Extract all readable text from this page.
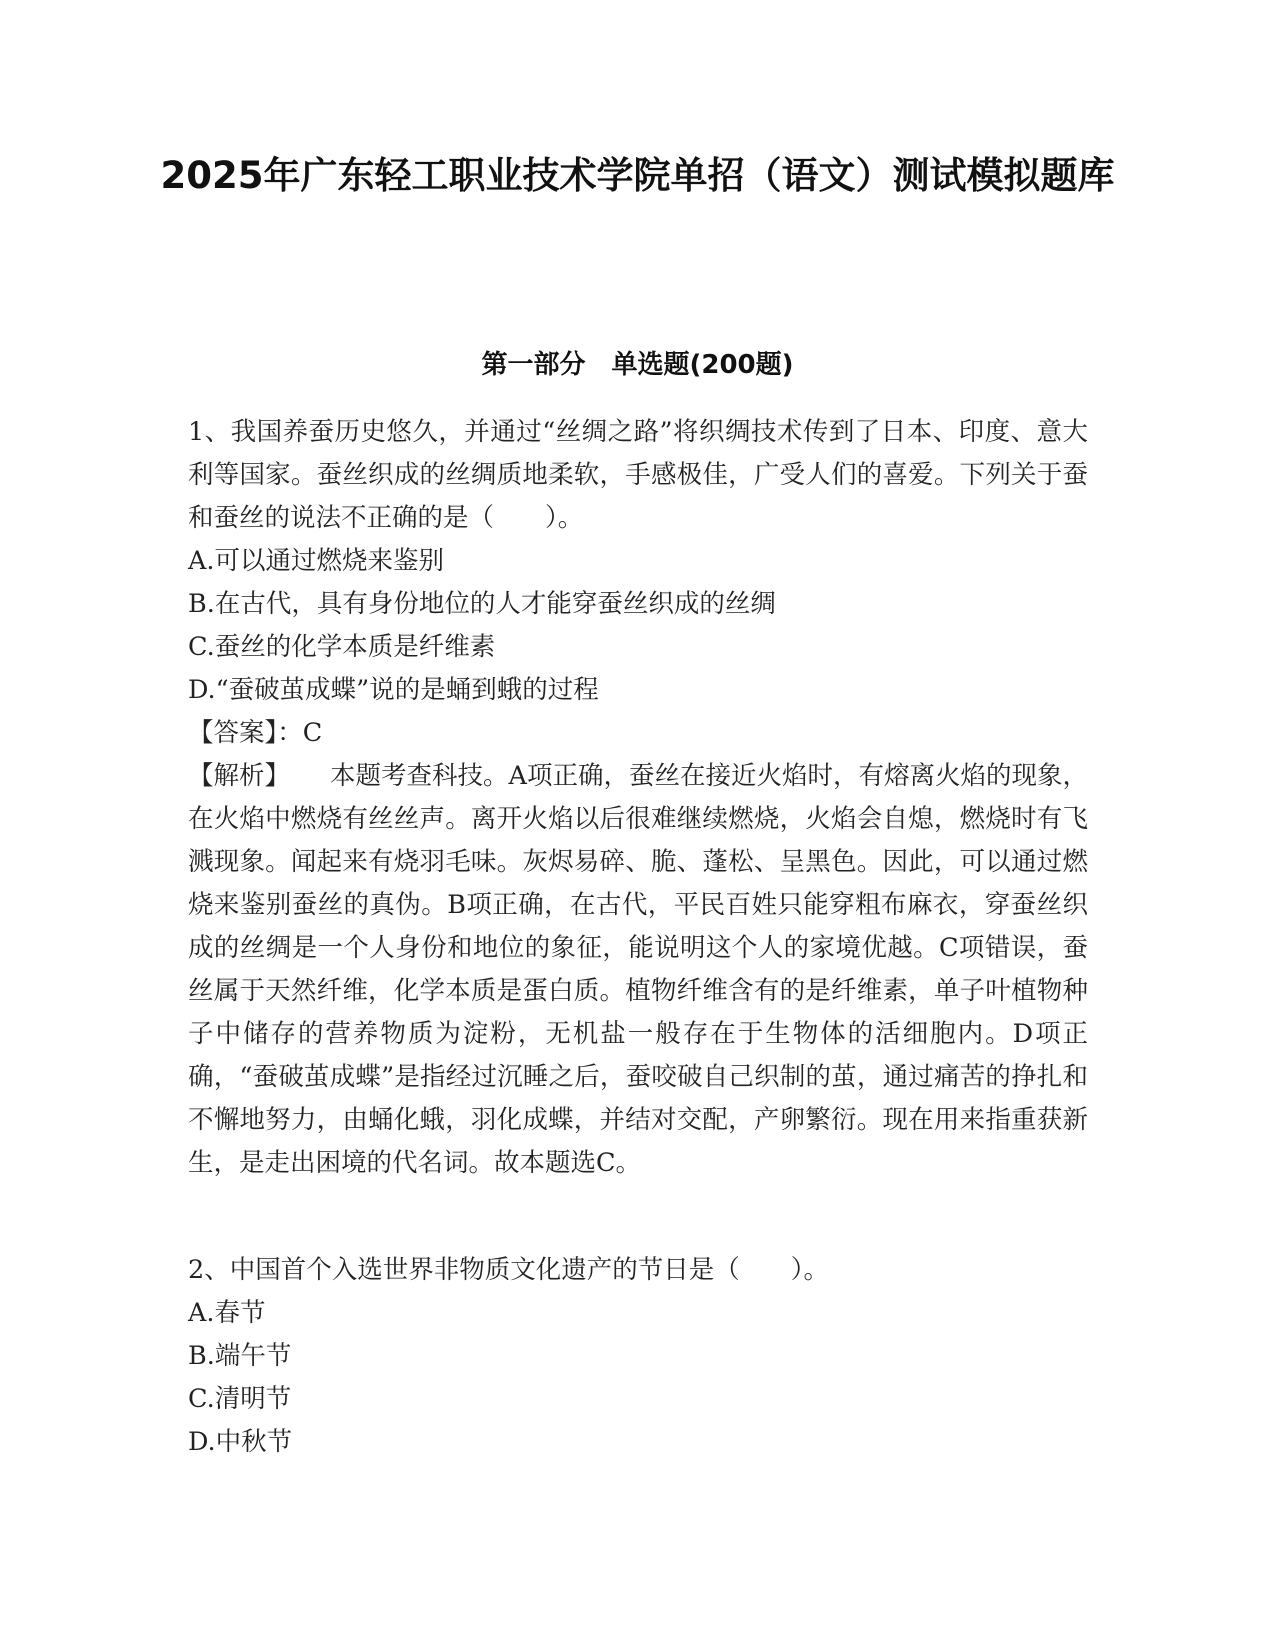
2025年广东轻工职业技术学院单招（语文）测试模拟题库
第一部分　单选题(200题)

1、我国养蚕历史悠久，并通过“丝绸之路”将织绸技术传到了日本、印度、意大利等国家。蚕丝织成的丝绸质地柔软，手感极佳，广受人们的喜爱。下列关于蚕和蚕丝的说法不正确的是（　　）。

A.可以通过燃烧来鉴别

B.在古代，具有身份地位的人才能穿蚕丝织成的丝绸

C.蚕丝的化学本质是纤维素

D.“蚕破茧成蝶”说的是蛹到蛾的过程

【答案】：C

【解析】 本题考查科技。A项正确，蚕丝在接近火焰时，有熔离火焰的现象，在火焰中燃烧有丝丝声。离开火焰以后很难继续燃烧，火焰会自熄，燃烧时有飞溅现象。闻起来有烧羽毛味。灰烬易碎、脆、蓬松、呈黑色。因此，可以通过燃烧来鉴别蚕丝的真伪。B项正确，在古代，平民百姓只能穿粗布麻衣，穿蚕丝织成的丝绸是一个人身份和地位的象征，能说明这个人的家境优越。C项错误，蚕丝属于天然纤维，化学本质是蛋白质。植物纤维含有的是纤维素，单子叶植物种子中储存的营养物质为淀粉，无机盐一般存在于生物体的活细胞内。D项正确，“蚕破茧成蝶”是指经过沉睡之后，蚕咬破自己织制的茧，通过痛苦的挣扎和不懈地努力，由蛹化蛾，羽化成蝶，并结对交配，产卵繁衍。现在用来指重获新生，是走出困境的代名词。故本题选C。

2、中国首个入选世界非物质文化遗产的节日是（　　）。

A.春节

B.端午节

C.清明节

D.中秋节
